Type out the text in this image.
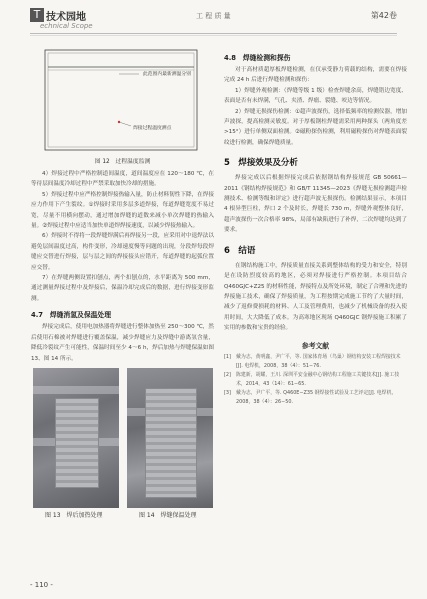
T 技术园地
echnical Scope
工 程 质 量	第42卷
此范围内最新测温分别
焊接过程温度测点
图 12　过程温度监测

4）焊接过程中严格控制道间温度，道间温度应在 120～180 ℃，在等待层间温度冷却过程中严禁采取加快冷却的措施。

5）焊接过程中应严格控制焊接热输入量，防止材料韧性下降，在焊接应力作用下产生裂纹。①焊接时采用多层多道焊接，每道焊缝宽度不易过宽，尽量不用横向摆动，通过增加焊缝的道数来减小单次焊缝的热输入量。②焊接过程中应适当加快单道焊焊接速度，以减少焊接热输入。

6）焊接时不得将一段焊缝焊满后再焊接另一段，应采用对中退焊法以避免层间温度过高，构件变形，冷却速度慢等问题的出现，分段焊每段焊缝应交替进行焊接，层与层之间的焊接接头应错开，每道焊缝的起弧位置应交替。

7）在焊缝两侧设置扣刨点，两个扣刨点的，水平距离为 500 mm，通过测量焊接过程中及焊接后，保温冷却完成后的数据，进行焊接变形监测。

4.7　焊缝消氢及保温处理

焊接完成后，使用电加热器将焊缝进行整体加热至 250～300 ℃，然后使用石棉被对焊缝进行覆盖保温，减少焊缝应力及焊缝中游离氢含量，降低冷裂纹产生可能性，保温时间至少 4～6 h，焊后加热与焊缝保温如图 13、图 14 所示。

图 13　焊后加热处理	图 14　焊缝保温处理
4.8　焊缝检测和探伤

对于高材质超厚板焊缝检测，在仅承受静力荷载的结构，需要在焊接完成 24 h 后进行焊缝检测和探伤：

1）焊缝外观检测：（焊缝等级 1 级）检查焊缝余高，焊缝错边宽度、表面是否有未焊满，气孔、夹渣、焊瘤、裂缝、咬边等情况。

2）焊缝无损探伤检测：①超声波探伤，选择低频率的检测仪器，增加声波探，提高检测灵敏度。对于厚板钢柱焊缝需采用两种探头（两角度差>15°）进行单侧双面检测。②磁粉探伤检测，利用磁粉探伤对焊缝表面裂纹进行检测，确保焊缝质量。

5　焊接效果及分析

焊接完成以后根据焊接完成后依据钢结构焊接规范 GB 50661—2011《钢结构焊接规范》和 GB/T 11345—2023《焊缝无损检测超声检测技术、检测等级和评定》进行超声波无损探伤。检测结果显示，本项目 4 根异型巨柱，焊口 2 个及时长，焊缝长 730 m，焊缝外观整体良好，超声波探伤一次合格率 98%，局部有缺陷进行了补焊，二次焊缝均达到了要求。

6　结语

在钢结构施工中，焊接质量直接关系到整体结构的受力和安全，特别是在设防烈度较高的地区，必须对焊接进行严格控制。本项目结合 Q460GJC+Z25 的材料性能，焊接特点及所处环境，制定了合理和先进的焊接施工技术，确保了焊接质量，为工程按期完成施工节约了大量时间，减少了返修费损耗的材料、人工及管理费用，也减少了机械设备的投入使用时间，大大降低了成本。为高寒地区现场 Q460GJC 钢焊接施工积累了实用的参数和宝贵的经验。

参考文献
[1]	戴为志，黄明鑫，尹广平，等. 国家体育场（鸟巢）钢结构安装工程焊接技术[J]. 电焊机，2008，38（4）：51−76.
[2]	陈建新，胡耀，王川. 深圳平安金融中心钢结构工程施工关键技术[J]. 施工技术，2014，43（14）：61−65.
[3]	戴为志，尹广平，等. Q460E−Z35 钢焊接性试验及工艺评定[J]. 电焊机，2008，38（4）：26−50.
- 110 -
